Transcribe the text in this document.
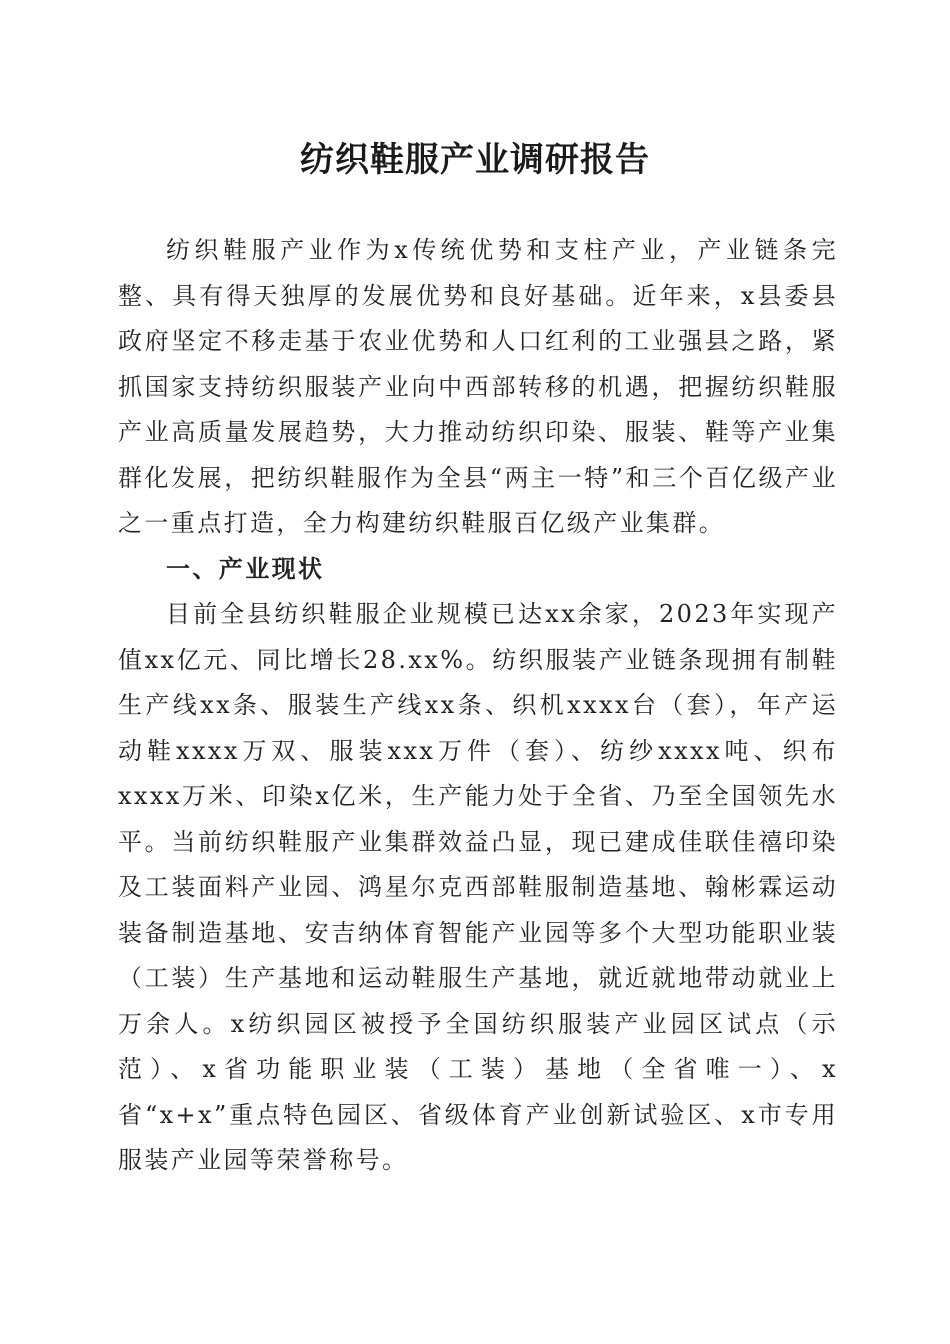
纺织鞋服产业调研报告

纺织鞋服产业作为x传统优势和支柱产业，产业链条完整、具有得天独厚的发展优势和良好基础。近年来，x县委县政府坚定不移走基于农业优势和人口红利的工业强县之路，紧抓国家支持纺织服装产业向中西部转移的机遇，把握纺织鞋服产业高质量发展趋势，大力推动纺织印染、服装、鞋等产业集群化发展，把纺织鞋服作为全县“两主一特”和三个百亿级产业之一重点打造，全力构建纺织鞋服百亿级产业集群。

一、产业现状

目前全县纺织鞋服企业规模已达xx余家，2023年实现产值xx亿元、同比增长28.xx%。纺织服装产业链条现拥有制鞋生产线xx条、服装生产线xx条、织机xxxx台（套），年产运动鞋xxxx万双、服装xxx万件（套）、纺纱xxxx吨、织布xxxx万米、印染x亿米，生产能力处于全省、乃至全国领先水平。当前纺织鞋服产业集群效益凸显，现已建成佳联佳禧印染及工装面料产业园、鸿星尔克西部鞋服制造基地、翰彬霖运动装备制造基地、安吉纳体育智能产业园等多个大型功能职业装（工装）生产基地和运动鞋服生产基地，就近就地带动就业上万余人。x纺织园区被授予全国纺织服装产业园区试点（示范）、x省功能职业装（工装）基地（全省唯一）、x省“x+x”重点特色园区、省级体育产业创新试验区、x市专用服装产业园等荣誉称号。
